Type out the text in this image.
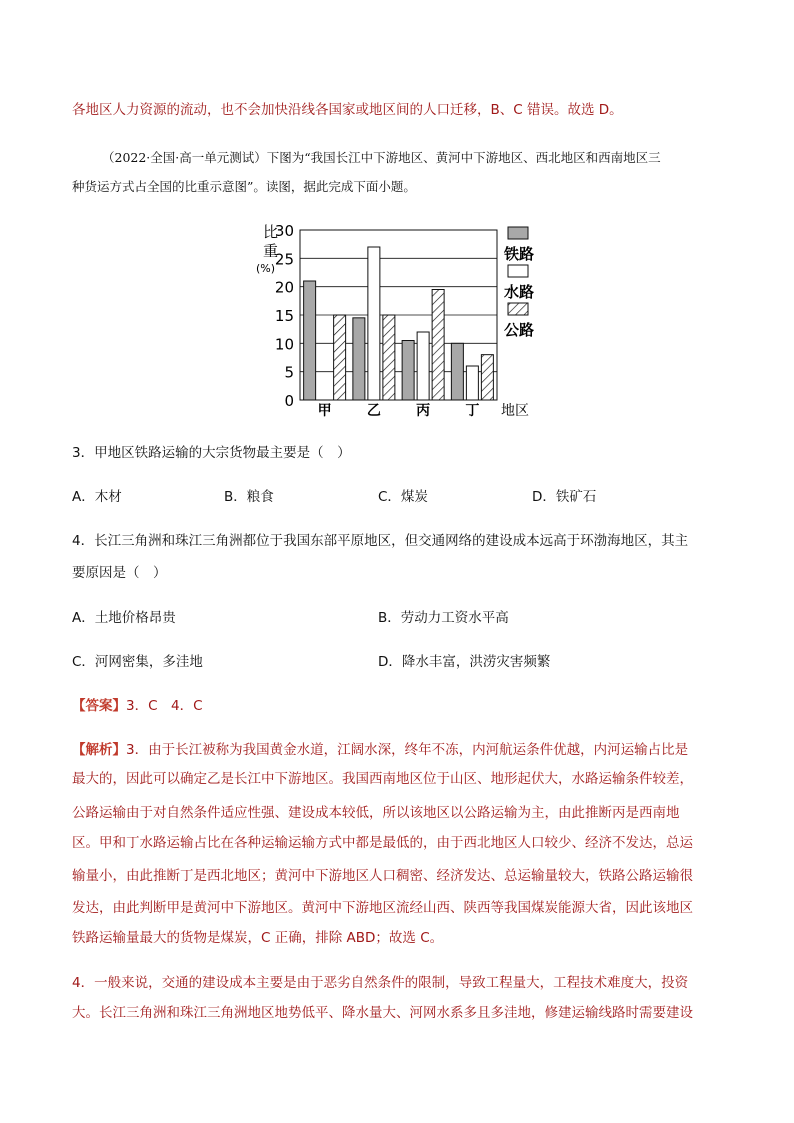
各地区人力资源的流动，也不会加快沿线各国家或地区间的人口迁移，B、C 错误。故选 D。
（2022·全国·高一单元测试）下图为“我国长江中下游地区、黄河中下游地区、西北地区和西南地区三
种货运方式占全国的比重示意图”。读图，据此完成下面小题。
比
重
(%)
0
5
10
15
20
25
30
甲	乙	丙	丁
铁路
水路
公路
地区
3．甲地区铁路运输的大宗货物最主要是（　）
A．木材	B．粮食	C．煤炭	D．铁矿石
4．长江三角洲和珠江三角洲都位于我国东部平原地区，但交通网络的建设成本远高于环渤海地区，其主
要原因是（　）
A．土地价格昂贵	B．劳动力工资水平高
C．河网密集，多洼地	D．降水丰富，洪涝灾害频繁
【答案】3．C　4．C
【解析】3．由于长江被称为我国黄金水道，江阔水深，终年不冻，内河航运条件优越，内河运输占比是
最大的，因此可以确定乙是长江中下游地区。我国西南地区位于山区、地形起伏大，水路运输条件较差，
公路运输由于对自然条件适应性强、建设成本较低，所以该地区以公路运输为主，由此推断丙是西南地
区。甲和丁水路运输占比在各种运输运输方式中都是最低的，由于西北地区人口较少、经济不发达，总运
输量小，由此推断丁是西北地区；黄河中下游地区人口稠密、经济发达、总运输量较大，铁路公路运输很
发达，由此判断甲是黄河中下游地区。黄河中下游地区流经山西、陕西等我国煤炭能源大省，因此该地区
铁路运输量最大的货物是煤炭，C 正确，排除 ABD；故选 C。
4．一般来说，交通的建设成本主要是由于恶劣自然条件的限制，导致工程量大，工程技术难度大，投资
大。长江三角洲和珠江三角洲地区地势低平、降水量大、河网水系多且多洼地，修建运输线路时需要建设
